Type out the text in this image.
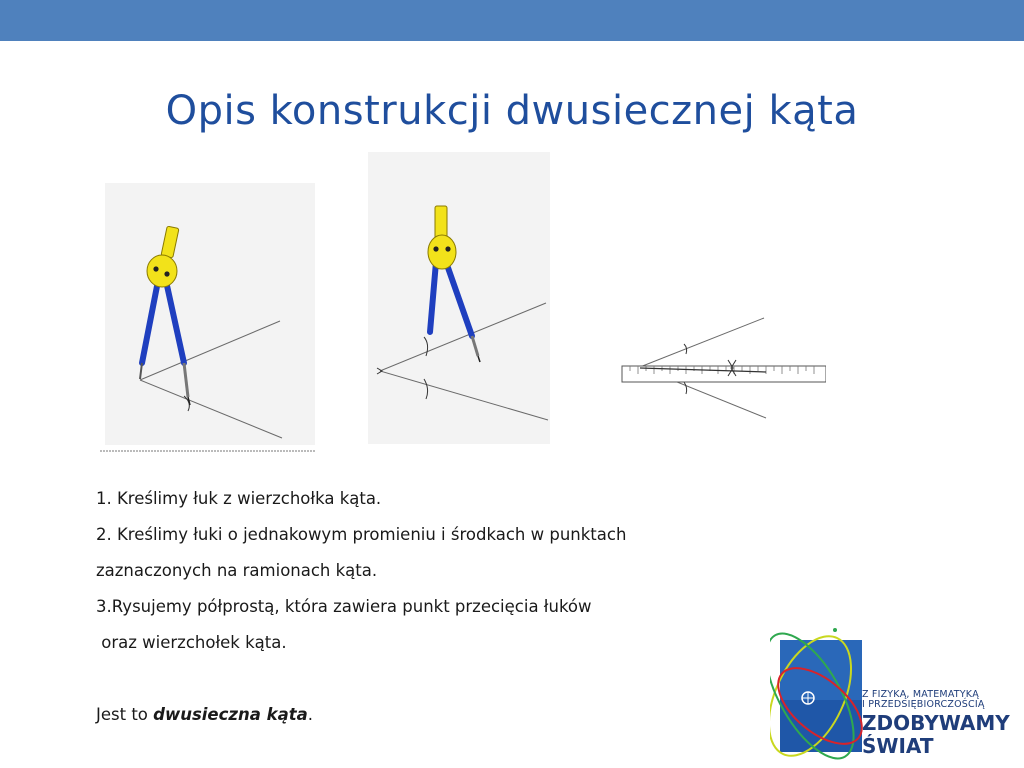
Opis konstrukcji dwusiecznej kąta

1. Kreślimy łuk z wierzchołka kąta.

2. Kreślimy łuki o jednakowym promieniu i środkach w punktach

zaznaczonych na ramionach kąta.

3.Rysujemy półprostą, która zawiera punkt przecięcia łuków

oraz wierzchołek kąta.

Jest to dwusieczna kąta.

Z FIZYKĄ, MATEMATYKĄ
I PRZEDSIĘBIORCZOŚCIĄ
ZDOBYWAMY
ŚWIAT
